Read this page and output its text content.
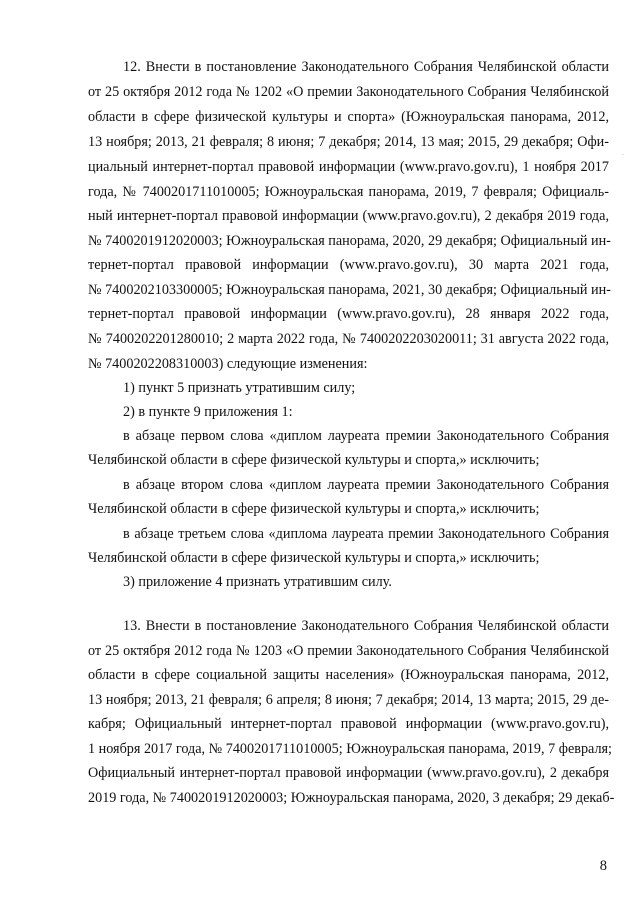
12. Внести в постановление Законодательного Собрания Челябинской области
от 25 октября 2012 года № 1202 «О премии Законодательного Собрания Челябинской
области в сфере физической культуры и спорта» (Южноуральская панорама, 2012,
13 ноября; 2013, 21 февраля; 8 июня; 7 декабря; 2014, 13 мая; 2015, 29 декабря; Офи-
циальный интернет-портал правовой информации (www.pravo.gov.ru), 1 ноября 2017
года, № 7400201711010005; Южноуральская панорама, 2019, 7 февраля; Официаль-
ный интернет-портал правовой информации (www.pravo.gov.ru), 2 декабря 2019 года,
№ 7400201912020003; Южноуральская панорама, 2020, 29 декабря; Официальный ин-
тернет-портал правовой информации (www.pravo.gov.ru), 30 марта 2021 года,
№ 7400202103300005; Южноуральская панорама, 2021, 30 декабря; Официальный ин-
тернет-портал правовой информации (www.pravo.gov.ru), 28 января 2022 года,
№ 7400202201280010; 2 марта 2022 года, № 7400202203020011; 31 августа 2022 года,
№ 7400202208310003) следующие изменения:
1) пункт 5 признать утратившим силу;
2) в пункте 9 приложения 1:
в абзаце первом слова «диплом лауреата премии Законодательного Собрания
Челябинской области в сфере физической культуры и спорта,» исключить;
в абзаце втором слова «диплом лауреата премии Законодательного Собрания
Челябинской области в сфере физической культуры и спорта,» исключить;
в абзаце третьем слова «диплома лауреата премии Законодательного Собрания
Челябинской области в сфере физической культуры и спорта,» исключить;
3) приложение 4 признать утратившим силу.
13. Внести в постановление Законодательного Собрания Челябинской области
от 25 октября 2012 года № 1203 «О премии Законодательного Собрания Челябинской
области в сфере социальной защиты населения» (Южноуральская панорама, 2012,
13 ноября; 2013, 21 февраля; 6 апреля; 8 июня; 7 декабря; 2014, 13 марта; 2015, 29 де-
кабря; Официальный интернет-портал правовой информации (www.pravo.gov.ru),
1 ноября 2017 года, № 7400201711010005; Южноуральская панорама, 2019, 7 февраля;
Официальный интернет-портал правовой информации (www.pravo.gov.ru), 2 декабря
2019 года, № 7400201912020003; Южноуральская панорама, 2020, 3 декабря; 29 декаб-
8
.
